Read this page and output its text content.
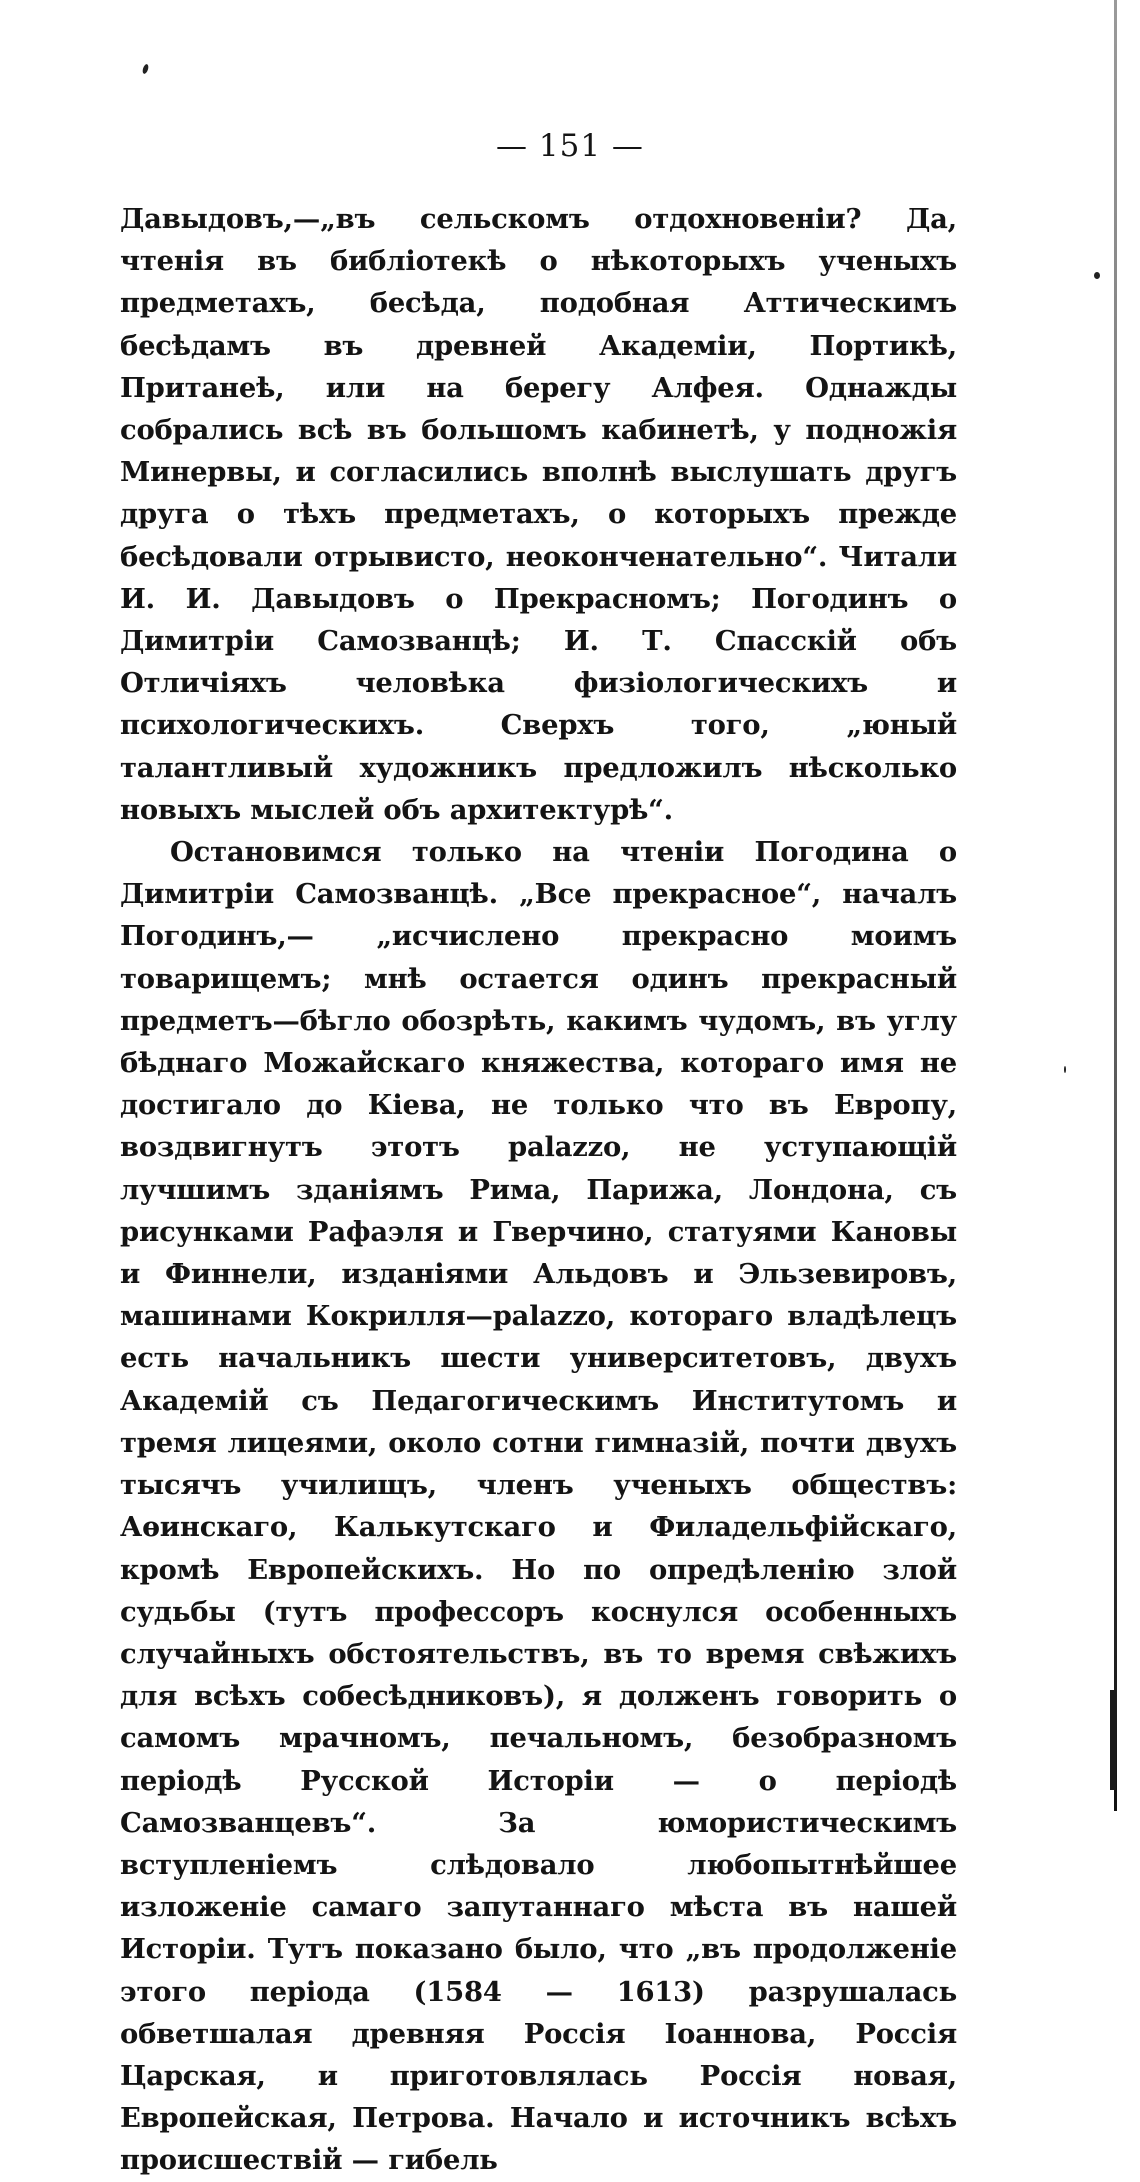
— 151 —

Давыдовъ,—„въ сельскомъ отдохновеніи? Да, чтенія въ библіотекѣ о нѣкоторыхъ ученыхъ предметахъ, бесѣда, подобная Аттическимъ бесѣдамъ въ древней Академіи, Портикѣ, Пританеѣ, или на берегу Алфея. Однажды собрались всѣ въ большомъ кабинетѣ, у подножія Минервы, и согласились вполнѣ выслушать другъ друга о тѣхъ предметахъ, о которыхъ прежде бесѣдовали отрывисто, неоконченательно“. Читали И. И. Давыдовъ о Прекрасномъ; Погодинъ о Димитріи Самозванцѣ; И. Т. Спасскій объ Отличіяхъ человѣка физіологическихъ и психологическихъ. Сверхъ того, „юный талантливый художникъ предложилъ нѣсколько новыхъ мыслей объ архитектурѣ“.

Остановимся только на чтеніи Погодина о Димитріи Самозванцѣ. „Все прекрасное“, началъ Погодинъ,— „исчислено прекрасно моимъ товарищемъ; мнѣ остается одинъ прекрасный предметъ—бѣгло обозрѣть, какимъ чудомъ, въ углу бѣднаго Можайскаго княжества, котораго имя не достигало до Кіева, не только что въ Европу, воздвигнутъ этотъ palazzo, не уступающій лучшимъ зданіямъ Рима, Парижа, Лондона, съ рисунками Рафаэля и Гверчино, статуями Кановы и Финнели, изданіями Альдовъ и Эльзевировъ, машинами Кокрилля—palazzo, котораго владѣлецъ есть начальникъ шести университетовъ, двухъ Академій съ Педагогическимъ Институтомъ и тремя лицеями, около сотни гимназій, почти двухъ тысячъ училищъ, членъ ученыхъ обществъ: Аѳинскаго, Калькутскаго и Филадельфійскаго, кромѣ Европейскихъ. Но по опредѣленію злой судьбы (тутъ профессоръ коснулся особенныхъ случайныхъ обстоятельствъ, въ то время свѣжихъ для всѣхъ собесѣдниковъ), я долженъ говорить о самомъ мрачномъ, печальномъ, безобразномъ періодѣ Русской Исторіи — о періодѣ Самозванцевъ“. За юмористическимъ вступленіемъ слѣдовало любопытнѣйшее изложеніе самаго запутаннаго мѣста въ нашей Исторіи. Тутъ показано было, что „въ продолженіе этого періода (1584 — 1613) разрушалась обветшалая древняя Россія Іоаннова, Россія Царская, и приготовлялась Россія новая, Европейская, Петрова. Начало и источникъ всѣхъ происшествій — гибель
